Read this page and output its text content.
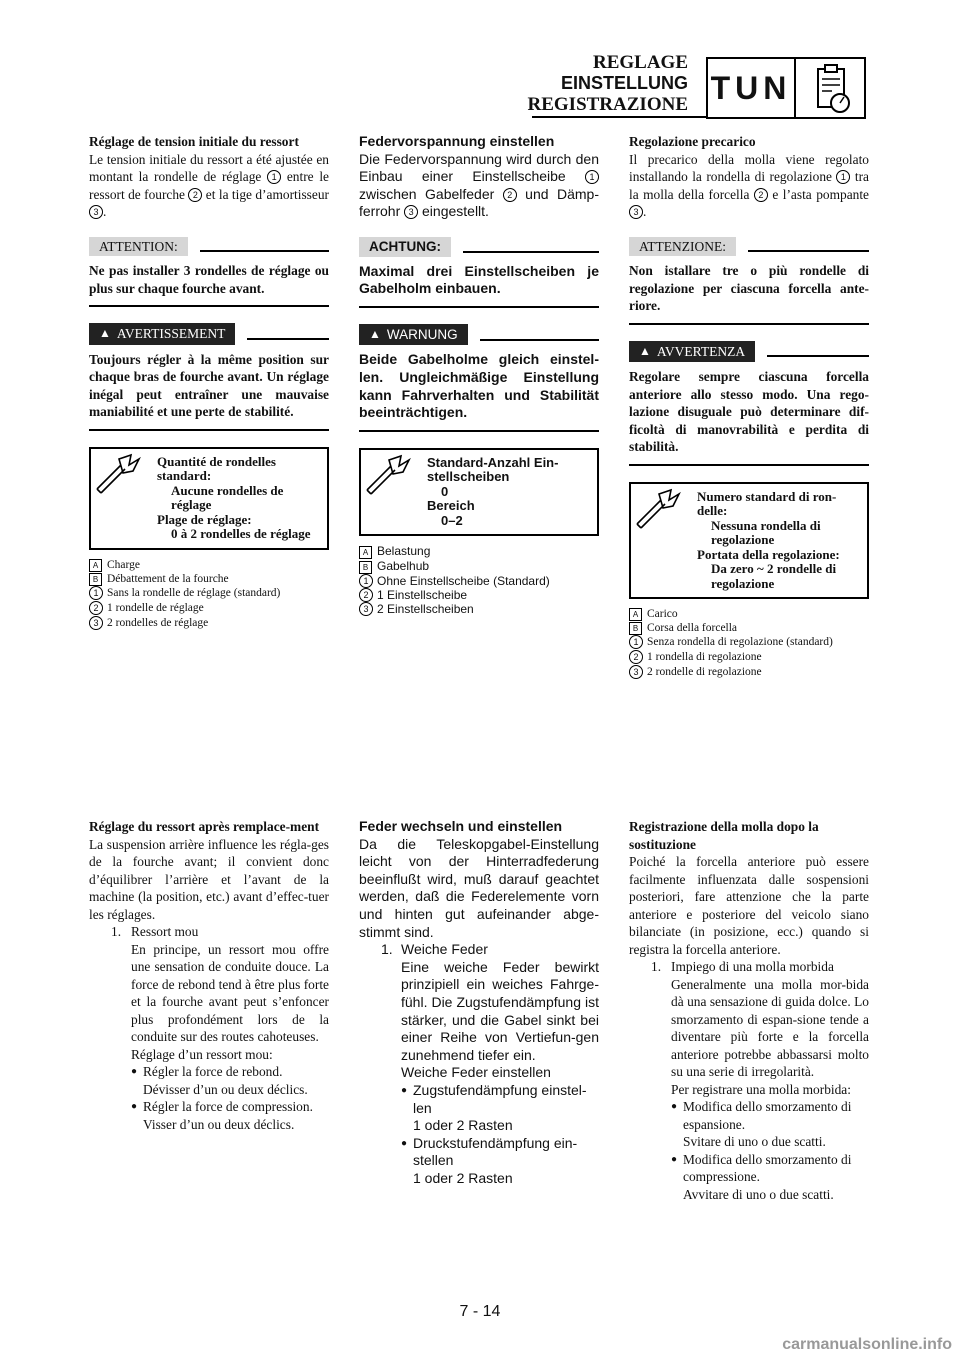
REGLAGE
EINSTELLUNG
REGISTRAZIONE TUN

Réglage de tension initiale du ressort

Le tension initiale du ressort a été ajustée en montant la rondelle de réglage 1 entre le ressort de fourche 2 et la tige d’amortisseur 3 .

ATTENTION:

Ne pas installer 3 rondelles de réglage ou plus sur chaque fourche avant.

▲ AVERTISSEMENT

Toujours régler à la même position sur chaque bras de fourche avant. Un réglage inégal peut entraîner une mauvaise maniabilité et une perte de stabilité.

Quantité de rondelles standard:
Aucune rondelles de réglage
Plage de réglage:
0 à 2 rondelles de réglage
A Charge
B Débattement de la fourche
1 Sans la rondelle de réglage (standard)
2 1 rondelle de réglage
3 2 rondelles de réglage

Federvorspannung einstellen

Die Federvorspannung wird durch den Einbau einer Einstellscheibe 1 zwischen Gabelfeder 2 und Dämp-ferrohr 3 eingestellt.

ACHTUNG:

Maximal drei Einstellscheiben je Gabelholm einbauen.

▲ WARNUNG

Beide Gabelholme gleich einstel-len. Ungleichmäßige Einstellung kann Fahrverhalten und Stabilität beeinträchtigen.

Standard-Anzahl Ein-stellscheiben
0
Bereich
0–2
A Belastung
B Gabelhub
1 Ohne Einstellscheibe (Standard)
2 1 Einstellscheibe
3 2 Einstellscheiben

Regolazione precarico

Il precarico della molla viene regolato installando la rondella di regolazione 1 tra la molla della forcella 2 e l’asta pompante 3 .

ATTENZIONE:

Non istallare tre o più rondelle di regolazione per ciascuna forcella ante-riore.

▲ AVVERTENZA

Regolare sempre ciascuna forcella anteriore allo stesso modo. Una rego-lazione disuguale può determinare dif-ficoltà di manovrabilità e perdita di stabilità.

Numero standard di ron-delle:
Nessuna rondella di regolazione
Portata della regolazione:
Da zero ~ 2 rondelle di regolazione
A Carico
B Corsa della forcella
1 Senza rondella di regolazione (standard)
2 1 rondella di regolazione
3 2 rondelle di regolazione

Réglage du ressort après remplace-ment

La suspension arrière influence les régla-ges de la fourche avant; il convient donc d’équilibrer l’arrière et l’avant de la machine (la position, etc.) avant d’effec-tuer les réglages.

1. Ressort mou
En principe, un ressort mou offre une sensation de conduite douce. La force de rebond tend à être plus forte et la fourche avant peut s’enfoncer plus profondément lors de la conduite sur des routes cahoteuses.
Réglage d’un ressort mou:
● Régler la force de rebond.
Dévisser d’un ou deux déclics.
● Régler la force de compression.
Visser d’un ou deux déclics.

Feder wechseln und einstellen

Da die Teleskopgabel-Einstellung leicht von der Hinterradfederung beeinflußt wird, muß darauf geachtet werden, daß die Federelemente vorn und hinten gut aufeinander abge-stimmt sind.

1. Weiche Feder
Eine weiche Feder bewirkt prinzipiell ein weiches Fahrge-fühl. Die Zugstufendämpfung ist stärker, und die Gabel sinkt bei einer Reihe von Vertiefun-gen zunehmend tiefer ein.
Weiche Feder einstellen
● Zugstufendämpfung einstel-len
1 oder 2 Rasten
● Druckstufendämpfung ein-stellen
1 oder 2 Rasten

Registrazione della molla dopo la sostituzione

Poiché la forcella anteriore può essere facilmente influenzata dalle sospensioni posteriori, fare attenzione che la parte anteriore e posteriore del veicolo siano bilanciate (in posizione, ecc.) quando si registra la forcella anteriore.

1. Impiego di una molla morbida
Generalmente una molla mor-bida dà una sensazione di guida dolce. Lo smorzamento di espan-sione tende a diventare più forte e la forcella anteriore potrebbe abbassarsi molto su una serie di irregolarità.
Per registrare una molla morbida:
● Modifica dello smorzamento di espansione.
Svitare di uno o due scatti.
● Modifica dello smorzamento di compressione.
Avvitare di uno o due scatti.
7 - 14
carmanualsonline.info
